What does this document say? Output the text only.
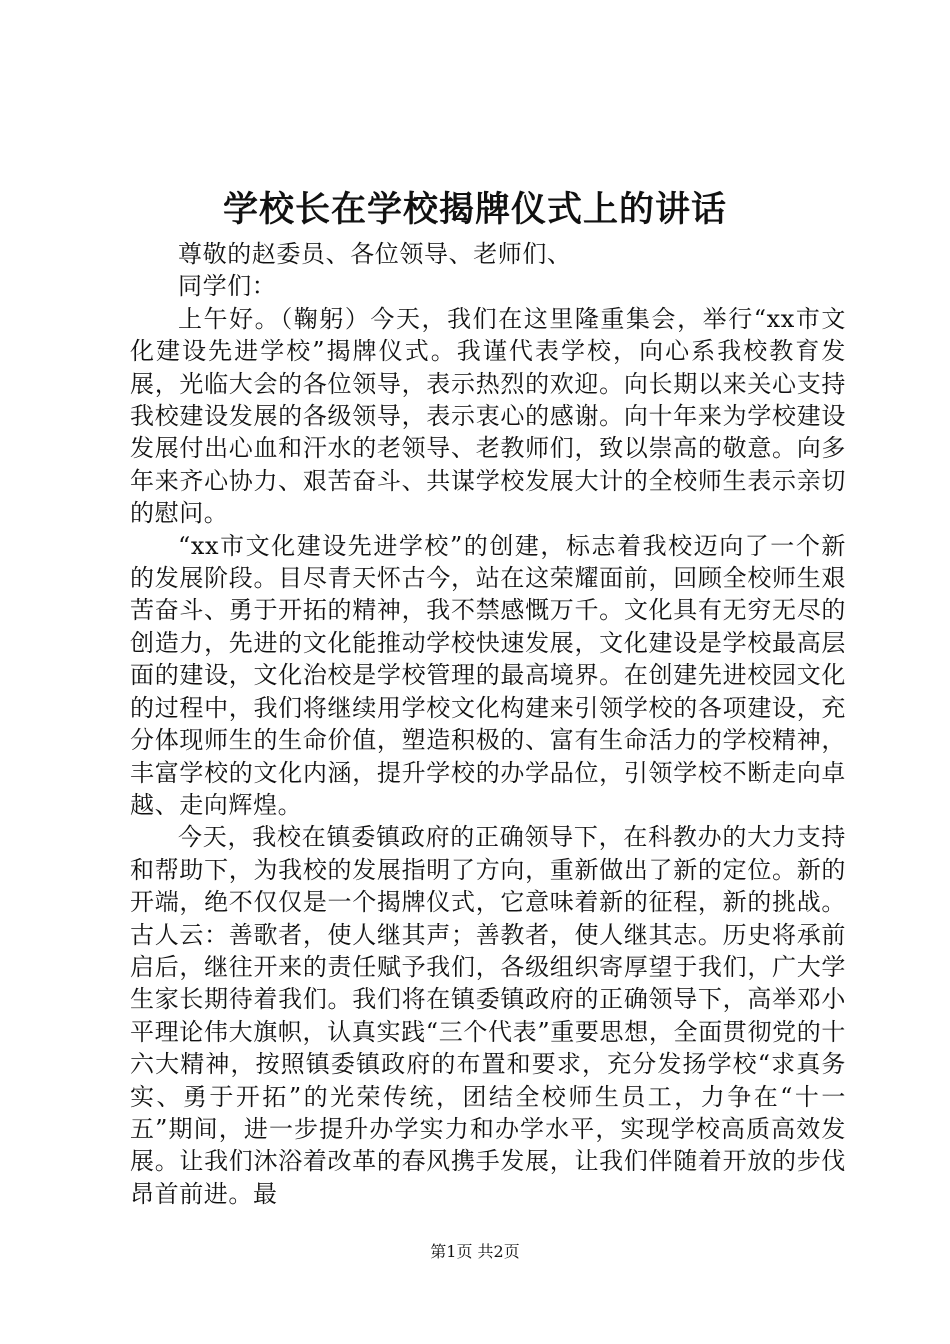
学校长在学校揭牌仪式上的讲话

尊敬的赵委员、各位领导、老师们、

同学们：

上午好。（鞠躬）今天，我们在这里隆重集会，举行“xx市文化建设先进学校”揭牌仪式。我谨代表学校，向心系我校教育发展，光临大会的各位领导，表示热烈的欢迎。向长期以来关心支持我校建设发展的各级领导，表示衷心的感谢。向十年来为学校建设发展付出心血和汗水的老领导、老教师们，致以崇高的敬意。向多年来齐心协力、艰苦奋斗、共谋学校发展大计的全校师生表示亲切的慰问。

“xx市文化建设先进学校”的创建，标志着我校迈向了一个新的发展阶段。目尽青天怀古今，站在这荣耀面前，回顾全校师生艰苦奋斗、勇于开拓的精神，我不禁感慨万千。文化具有无穷无尽的创造力，先进的文化能推动学校快速发展，文化建设是学校最高层面的建设，文化治校是学校管理的最高境界。在创建先进校园文化的过程中，我们将继续用学校文化构建来引领学校的各项建设，充分体现师生的生命价值，塑造积极的、富有生命活力的学校精神，丰富学校的文化内涵，提升学校的办学品位，引领学校不断走向卓越、走向辉煌。

今天，我校在镇委镇政府的正确领导下，在科教办的大力支持和帮助下，为我校的发展指明了方向，重新做出了新的定位。新的开端，绝不仅仅是一个揭牌仪式，它意味着新的征程，新的挑战。古人云：善歌者，使人继其声；善教者，使人继其志。历史将承前启后，继往开来的责任赋予我们，各级组织寄厚望于我们，广大学生家长期待着我们。我们将在镇委镇政府的正确领导下，高举邓小平理论伟大旗帜，认真实践“三个代表”重要思想，全面贯彻党的十六大精神，按照镇委镇政府的布置和要求，充分发扬学校“求真务实、勇于开拓”的光荣传统，团结全校师生员工，力争在“十一五”期间，进一步提升办学实力和办学水平，实现学校高质高效发展。让我们沐浴着改革的春风携手发展，让我们伴随着开放的步伐昂首前进。最

第1页 共2页
